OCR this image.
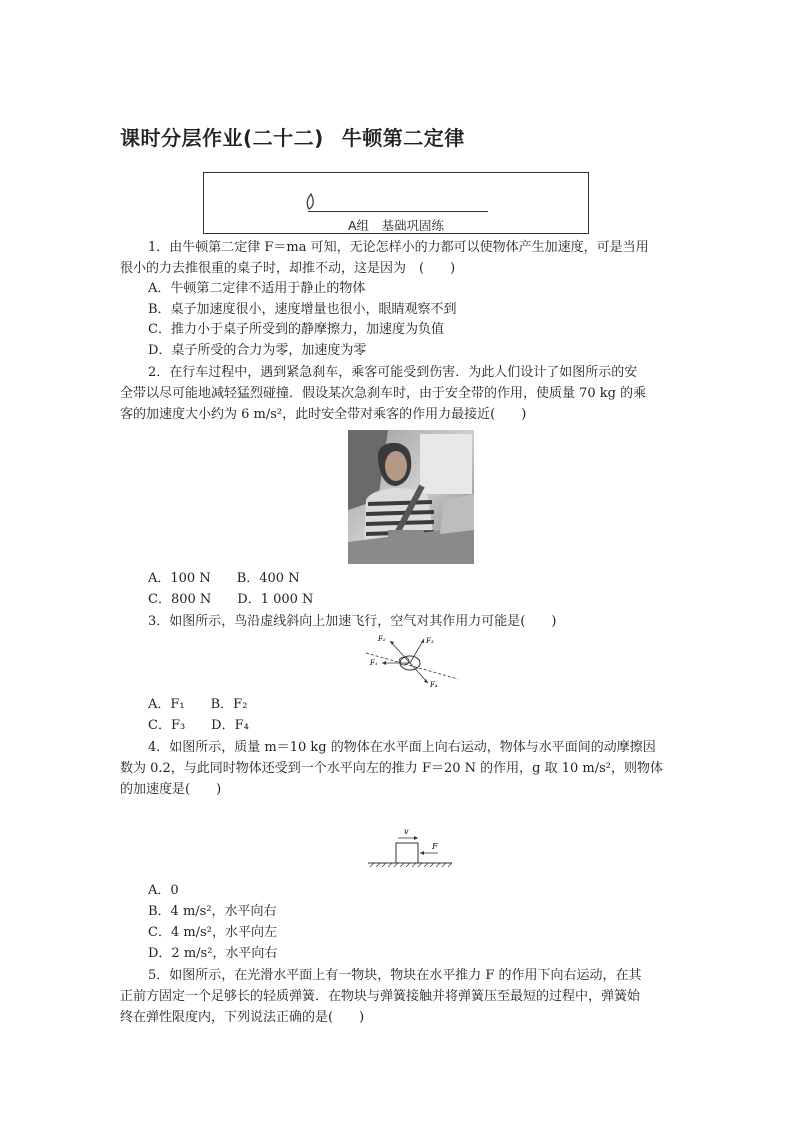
课时分层作业(二十二) 牛顿第二定律
A组　基础巩固练
1．由牛顿第二定律 F＝ma 可知，无论怎样小的力都可以使物体产生加速度，可是当用
很小的力去推很重的桌子时，却推不动，这是因为　(　　)
A．牛顿第二定律不适用于静止的物体
B．桌子加速度很小，速度增量也很小，眼睛观察不到
C．推力小于桌子所受到的静摩擦力，加速度为负值
D．桌子所受的合力为零，加速度为零
2．在行车过程中，遇到紧急刹车，乘客可能受到伤害．为此人们设计了如图所示的安
全带以尽可能地减轻猛烈碰撞．假设某次急刹车时，由于安全带的作用，使质量 70 kg 的乘
客的加速度大小约为 6 m/s²，此时安全带对乘客的作用力最接近(　　)
A．100 N　　B．400 N
C．800 N　　D．1 000 N
3．如图所示，鸟沿虚线斜向上加速飞行，空气对其作用力可能是(　　)
F₂	F₃
F₁
F₄
A．F₁　　B．F₂
C．F₃　　D．F₄
4．如图所示，质量 m＝10 kg 的物体在水平面上向右运动，物体与水平面间的动摩擦因
数为 0.2，与此同时物体还受到一个水平向左的推力 F＝20 N 的作用，g 取 10 m/s²，则物体
的加速度是(　　)
v
F
A．0
B．4 m/s²，水平向右
C．4 m/s²，水平向左
D．2 m/s²，水平向右
5．如图所示，在光滑水平面上有一物块，物块在水平推力 F 的作用下向右运动，在其
正前方固定一个足够长的轻质弹簧．在物块与弹簧接触并将弹簧压至最短的过程中，弹簧始
终在弹性限度内，下列说法正确的是(　　)
